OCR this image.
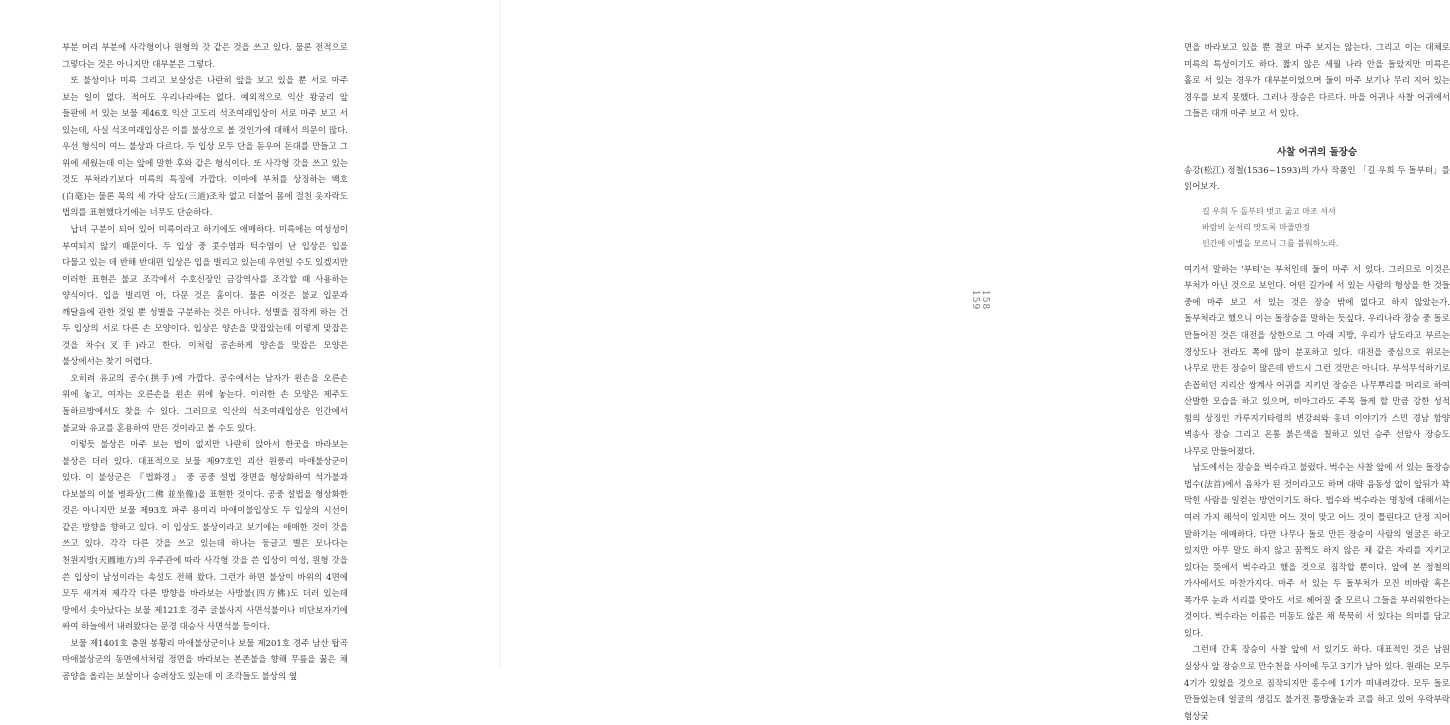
부분 머리 부분에 사각형이나 원형의 갓 같은 것을 쓰고 있다. 물론 전적으로 그렇다는 것은 아니지만 대부분은 그렇다.

또 불상이나 미륵 그리고 보살상은 나란히 앞을 보고 있을 뿐 서로 마주 보는 일이 없다. 적어도 우리나라에는 없다. 예외적으로 익산 왕궁리 앞 들판에 서 있는 보물 제46호 익산 고도리 석조여래입상이 서로 마주 보고 서 있는데, 사실 석조여래입상은 이를 불상으로 볼 것인가에 대해서 의문이 많다. 우선 형식이 여느 불상과 다르다. 두 입상 모두 단을 돋우어 돈대를 만들고 그 위에 세웠는데 이는 앞에 말한 후와 같은 형식이다. 또 사각형 갓을 쓰고 있는 것도 부처라기보다 미륵의 특징에 가깝다. 이마에 부처를 상징하는 백호(白毫)는 물론 목의 세 가닥 삼도(三道)조차 없고 더불어 몸에 걸친 옷자락도 법의를 표현했다기에는 너무도 단순하다.

납녀 구분이 되어 있어 미륵이라고 하기에도 애매하다. 미륵에는 여성성이 부여되지 않기 때문이다. 두 입상 중 콧수염과 턱수염이 난 입상은 입을 다물고 있는 데 반해 반대편 입상은 입을 벌리고 있는데 우연일 수도 있겠지만 이러한 표현은 불교 조각에서 수호신장인 금강역사를 조각할 때 사용하는 양식이다. 입을 벌리면 아, 다문 것은 훔이다. 물론 이것은 불교 입문과 깨달음에 관한 것일 뿐 성별을 구분하는 것은 아니다. 성별을 짐작케 하는 건 두 입상의 서로 다른 손 모양이다. 입상은 양손을 맞잡았는데 이렇게 맞잡은 것을 차수(叉手)라고 한다. 이처럼 공손하게 양손을 맞잡은 모양은 불상에서는 찾기 어렵다.

오히려 유교의 공수(拱手)에 가깝다. 공수에서는 남자가 왼손을 오른손 위에 놓고, 여자는 오른손을 왼손 위에 놓는다. 이러한 손 모양은 제주도 돌하르방에서도 찾을 수 있다. 그러므로 익산의 석조여래입상은 인간에서 불교와 유교를 혼용하여 만든 것이라고 볼 수도 있다.

이렇듯 불상은 마주 보는 법이 없지만 나란히 앉아서 한곳을 바라보는 불상은 더러 있다. 대표적으로 보물 제97호인 괴산 원풍리 마애불상군이 있다. 이 불상군은 『법화경』 중 공중 설법 장면을 형상화하여 석가불과 다보불의 이불 병좌상(二佛 並坐像)을 표현한 것이다. 공중 설법을 형상화한 것은 아니지만 보물 제93호 파주 용미리 마애이불입상도 두 입상의 시선이 같은 방향을 향하고 있다. 이 입상도 불상이라고 보기에는 애매한 것이 갓을 쓰고 있다. 각각 다른 갓을 쓰고 있는데 하나는 둥글고 별은 모나다는 천원지방(天圓地方)의 우주관에 따라 사각형 갓을 쓴 입상이 여성, 원형 갓을 쓴 입상이 남성이라는 속설도 전해 왔다. 그런가 하면 불상이 바위의 4면에 모두 새겨져 제각각 다른 방향을 바라보는 사방불(四方佛)도 더러 있는데 땅에서 솟아났다는 보물 제121호 경주 굴불사지 사면석불이나 비단보자기에 싸여 하늘에서 내려왔다는 문경 대승사 사면석불 등이다.

보물 제1401호 충원 봉황리 마애불상군이나 보물 제201호 경주 남산 탑곡 마애불상군의 동면에서처럼 정면을 바라보는 본존불을 향해 무릎을 꿇은 채 공양을 올리는 보살이나 승려상도 있는데 이 조각들도 불상의 옆

면을 바라보고 있을 뿐 결코 마주 보지는 않는다. 그리고 이는 대체로 미륵의 특성이기도 하다. 짧지 않은 세월 나라 안을 돌았지만 미륵은 홀로 서 있는 경우가 대부분이었으며 둘이 마주 보기나 무리 지어 있는 경우를 보지 못했다. 그러나 장승은 다르다. 마을 어귀나 사찰 어귀에서 그들은 대개 마주 보고 서 있다.

사찰 어귀의 돌장승

송강(松江) 정철(1536~1593)의 가사 작품인 「길 우희 두 돌부텨」를 읽어보자.

길 우희 두 돌부텨 벗고 굶고 마조 셔셔
바람비 눈서리 맛도록 마줄만정
인간에 이별을 모르니 그를 불워하노라.

여기서 말하는 '부텨'는 부처인데 둘이 마주 서 있다. 그러므로 이것은 부처가 아닌 것으로 보인다. 어떤 길가에 서 있는 사람의 형상을 한 것들 중에 마주 보고 서 있는 것은 장승 밖에 없다고 하지 않았는가. 돌부처라고 했으니 이는 돌장승을 말하는 듯싶다. 우리나라 장승 중 돌로 만들어진 것은 대전을 상한으로 그 아래 지방, 우리가 남도라고 부르는 경상도나 전라도 쪽에 많이 분포하고 있다. 대전을 중심으로 위로는 나무로 만든 장승이 많은데 반드시 그런 것만은 아니다. 부석무석하기로 손꼽히던 지리산 쌍계사 어귀를 지키던 장승은 나무뿌리를 머리로 하여 산발한 모습을 하고 있으며, 비아그라도 주목 들게 할 만큼 강한 성적 힘의 상징인 가루지기타령의 변강쇠와 옹녀 이야기가 스민 경남 함양 벽송사 장승 그리고 온통 붉은색을 칠하고 있던 승주 선암사 장승도 나무로 만들어졌다.

남도에서는 장승을 벅수라고 불렀다. 벅수는 사찰 앞에 서 있는 돌장승 법수(法首)에서 음차가 된 것이라고도 하며 대략 음동성 없이 앞뒤가 꽉 막힌 사람을 일컫는 방언이기도 하다. 법수와 벅수라는 명칭에 대해서는 여러 가지 해석이 있지만 어느 것이 맞고 어느 것이 틀린다고 단정 지어 말하기는 애매하다. 다만 나무나 돌로 만든 장승이 사람의 얼굴은 하고 있지만 아무 말도 하지 않고 꿈쩍도 하지 않은 채 같은 자리를 지키고 있다는 뜻에서 벅수라고 했을 것으로 짐작할 뿐이다. 앞에 본 정철의 가사에서도 마찬가지다. 마주 서 있는 두 돌부처가 모진 비바람 혹은 폭가루 눈과 서리를 맞아도 서로 헤어질 줄 모르니 그들을 부러워한다는 것이다. 벅수라는 이름은 미동도 않은 채 묵묵히 서 있다는 의미를 담고 있다.

그런데 간혹 장승이 사찰 앞에 서 있기도 하다. 대표적인 것은 남원 실상사 앞 장승으로 만수천을 사이에 두고 3기가 남아 있다. 원래는 모두 4기가 있었을 것으로 짐작되지만 홍수에 1기가 떠내려갔다. 모두 돌로 만들었는데 얼굴의 생김도 불거진 퉁방울눈과 코를 하고 있어 우락부락 험상궂

158
159
